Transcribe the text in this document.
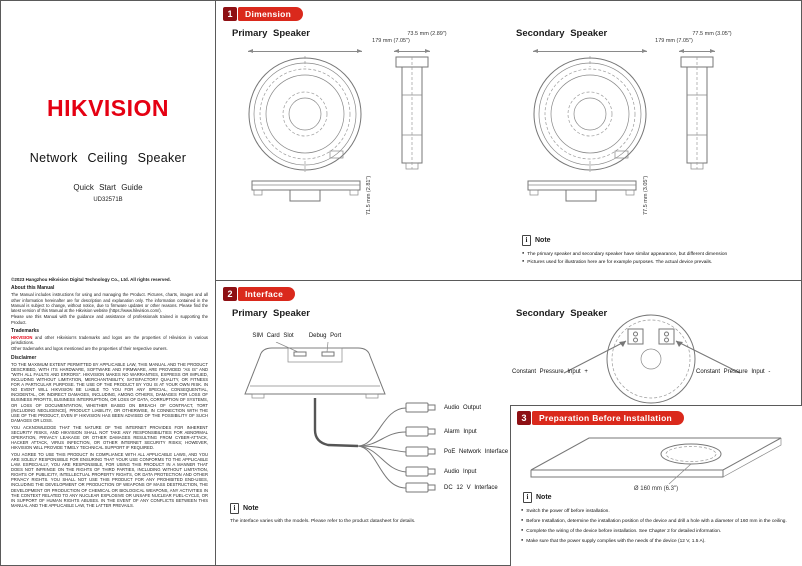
HIKVISION
Network Ceiling Speaker
Quick Start Guide
UD32571B

©2023 Hangzhou Hikvision Digital Technology Co., Ltd. All rights reserved.

About this Manual

The Manual includes instructions for using and managing the Product. Pictures, charts, images and all other information hereinafter are for description and explanation only. The information contained in the Manual is subject to change, without notice, due to firmware updates or other reasons. Please find the latest version of this Manual at the Hikvision website (https://www.hikvision.com/).

Please use this Manual with the guidance and assistance of professionals trained in supporting the Product.

Trademarks

HIKVISION and other Hikvision's trademarks and logos are the properties of Hikvision in various jurisdictions.

Other trademarks and logos mentioned are the properties of their respective owners.

Disclaimer

TO THE MAXIMUM EXTENT PERMITTED BY APPLICABLE LAW, THIS MANUAL AND THE PRODUCT DESCRIBED, WITH ITS HARDWARE, SOFTWARE AND FIRMWARE, ARE PROVIDED "AS IS" AND "WITH ALL FAULTS AND ERRORS". HIKVISION MAKES NO WARRANTIES, EXPRESS OR IMPLIED, INCLUDING WITHOUT LIMITATION, MERCHANTABILITY, SATISFACTORY QUALITY, OR FITNESS FOR A PARTICULAR PURPOSE. THE USE OF THE PRODUCT BY YOU IS AT YOUR OWN RISK. IN NO EVENT WILL HIKVISION BE LIABLE TO YOU FOR ANY SPECIAL, CONSEQUENTIAL, INCIDENTAL, OR INDIRECT DAMAGES, INCLUDING, AMONG OTHERS, DAMAGES FOR LOSS OF BUSINESS PROFITS, BUSINESS INTERRUPTION, OR LOSS OF DATA, CORRUPTION OF SYSTEMS, OR LOSS OF DOCUMENTATION, WHETHER BASED ON BREACH OF CONTRACT, TORT (INCLUDING NEGLIGENCE), PRODUCT LIABILITY, OR OTHERWISE, IN CONNECTION WITH THE USE OF THE PRODUCT, EVEN IF HIKVISION HAS BEEN ADVISED OF THE POSSIBILITY OF SUCH DAMAGES OR LOSS.

YOU ACKNOWLEDGE THAT THE NATURE OF THE INTERNET PROVIDES FOR INHERENT SECURITY RISKS, AND HIKVISION SHALL NOT TAKE ANY RESPONSIBILITIES FOR ABNORMAL OPERATION, PRIVACY LEAKAGE OR OTHER DAMAGES RESULTING FROM CYBER-ATTACK, HACKER ATTACK, VIRUS INFECTION, OR OTHER INTERNET SECURITY RISKS; HOWEVER, HIKVISION WILL PROVIDE TIMELY TECHNICAL SUPPORT IF REQUIRED.

YOU AGREE TO USE THIS PRODUCT IN COMPLIANCE WITH ALL APPLICABLE LAWS, AND YOU ARE SOLELY RESPONSIBLE FOR ENSURING THAT YOUR USE CONFORMS TO THE APPLICABLE LAW. ESPECIALLY, YOU ARE RESPONSIBLE, FOR USING THIS PRODUCT IN A MANNER THAT DOES NOT INFRINGE ON THE RIGHTS OF THIRD PARTIES, INCLUDING WITHOUT LIMITATION, RIGHTS OF PUBLICITY, INTELLECTUAL PROPERTY RIGHTS, OR DATA PROTECTION AND OTHER PRIVACY RIGHTS. YOU SHALL NOT USE THIS PRODUCT FOR ANY PROHIBITED END-USES, INCLUDING THE DEVELOPMENT OR PRODUCTION OF WEAPONS OF MASS DESTRUCTION, THE DEVELOPMENT OR PRODUCTION OF CHEMICAL OR BIOLOGICAL WEAPONS, ANY ACTIVITIES IN THE CONTEXT RELATED TO ANY NUCLEAR EXPLOSIVE OR UNSAFE NUCLEAR FUEL-CYCLE, OR IN SUPPORT OF HUMAN RIGHTS ABUSES. IN THE EVENT OF ANY CONFLICTS BETWEEN THIS MANUAL AND THE APPLICABLE LAW, THE LATTER PREVAILS.

1	Dimension
Primary Speaker
179 mm (7.05")
73.5 mm (2.89")
71.5 mm (2.81")
Secondary Speaker
179 mm (7.05")
77.5 mm (3.05")
77.5 mm (3.05")
i	Note
● The primary speaker and secondary speaker have similar appearance, but different dimension
● Pictures used for illustration here are for example purposes. The actual device prevails.
2	Interface
Primary Speaker
SIM Card Slot	Debug Port
Audio Output
Alarm Input
PoE Network Interface
Audio Input
DC 12 V Interface
i	Note
The interface varies with the models. Please refer to the product datasheet for details.
Secondary Speaker
Constant Pressure Input +	Constant Pressure Input -
3	Preparation Before Installation
Ø 160 mm (6.3")
i	Note
● Switch the power off before installation.
● Before Installation, determine the installation position of the device and drill a hole with a diameter of 160 mm in the ceiling.
● Complete the wiring of the device before installation. See Chapter 2 for detailed information.
● Make sure that the power supply complies with the needs of the device (12 V, 1.5 A).
